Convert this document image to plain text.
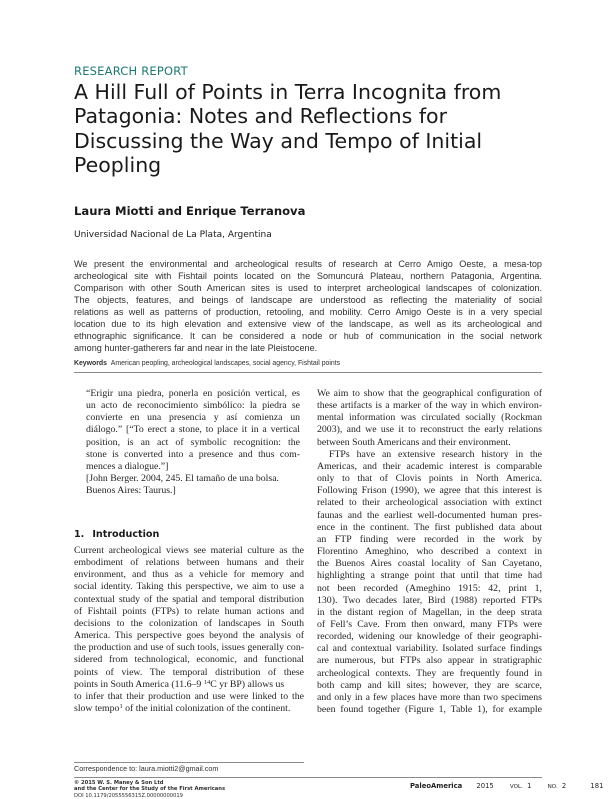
RESEARCH REPORT
A Hill Full of Points in Terra Incognita from
Patagonia: Notes and Reflections for
Discussing the Way and Tempo of Initial
Peopling
Laura Miotti and Enrique Terranova
Universidad Nacional de La Plata, Argentina
We present the environmental and archeological results of research at Cerro Amigo Oeste, a mesa-top
archeological site with Fishtail points located on the Somuncurá Plateau, northern Patagonia, Argentina.
Comparison with other South American sites is used to interpret archeological landscapes of colonization.
The objects, features, and beings of landscape are understood as reflecting the materiality of social
relations as well as patterns of production, retooling, and mobility. Cerro Amigo Oeste is in a very special
location due to its high elevation and extensive view of the landscape, as well as its archeological and
ethnographic significance. It can be considered a node or hub of communication in the social network
among hunter-gatherers far and near in the late Pleistocene.
Keywords American peopling, archeological landscapes, social agency, Fishtail points
“Erigir una piedra, ponerla en posición vertical, es
un acto de reconocimiento simbólico: la piedra se
convierte en una presencia y así comienza un
diálogo.” [“To erect a stone, to place it in a vertical
position, is an act of symbolic recognition: the
stone is converted into a presence and thus com-
mences a dialogue.”]
[John Berger. 2004, 245. El tamaño de una bolsa.
Buenos Aires: Taurus.]
1. Introduction
Current archeological views see material culture as the
embodiment of relations between humans and their
environment, and thus as a vehicle for memory and
social identity. Taking this perspective, we aim to use a
contextual study of the spatial and temporal distribution
of Fishtail points (FTPs) to relate human actions and
decisions to the colonization of landscapes in South
America. This perspective goes beyond the analysis of
the production and use of such tools, issues generally con-
sidered from technological, economic, and functional
points of view. The temporal distribution of these
points in South America (11.6–9 $^{14}$C yr BP) allows us
to infer that their production and use were linked to the
slow tempo$^1$ of the initial colonization of the continent.
We aim to show that the geographical configuration of
these artifacts is a marker of the way in which environ-
mental information was circulated socially (Rockman
2003), and we use it to reconstruct the early relations
between South Americans and their environment.
FTPs have an extensive research history in the
Americas, and their academic interest is comparable
only to that of Clovis points in North America.
Following Frison (1990), we agree that this interest is
related to their archeological association with extinct
faunas and the earliest well-documented human pres-
ence in the continent. The first published data about
an FTP finding were recorded in the work by
Florentino Ameghino, who described a context in
the Buenos Aires coastal locality of San Cayetano,
highlighting a strange point that until that time had
not been recorded (Ameghino 1915: 42, print 1,
130). Two decades later, Bird (1988) reported FTPs
in the distant region of Magellan, in the deep strata
of Fell’s Cave. From then onward, many FTPs were
recorded, widening our knowledge of their geographi-
cal and contextual variability. Isolated surface findings
are numerous, but FTPs also appear in stratigraphic
archeological contexts. They are frequently found in
both camp and kill sites; however, they are scarce,
and only in a few places have more than two specimens
been found together (Figure 1, Table 1), for example
Correspondence to: laura.miotti2@gmail.com
© 2015 W. S. Maney & Son Ltd
and the Center for the Study of the First Americans
DOI 10.1179/2055556315Z.00000000019
PaleoAmerica 2015	VOL. 1	NO. 2	181
